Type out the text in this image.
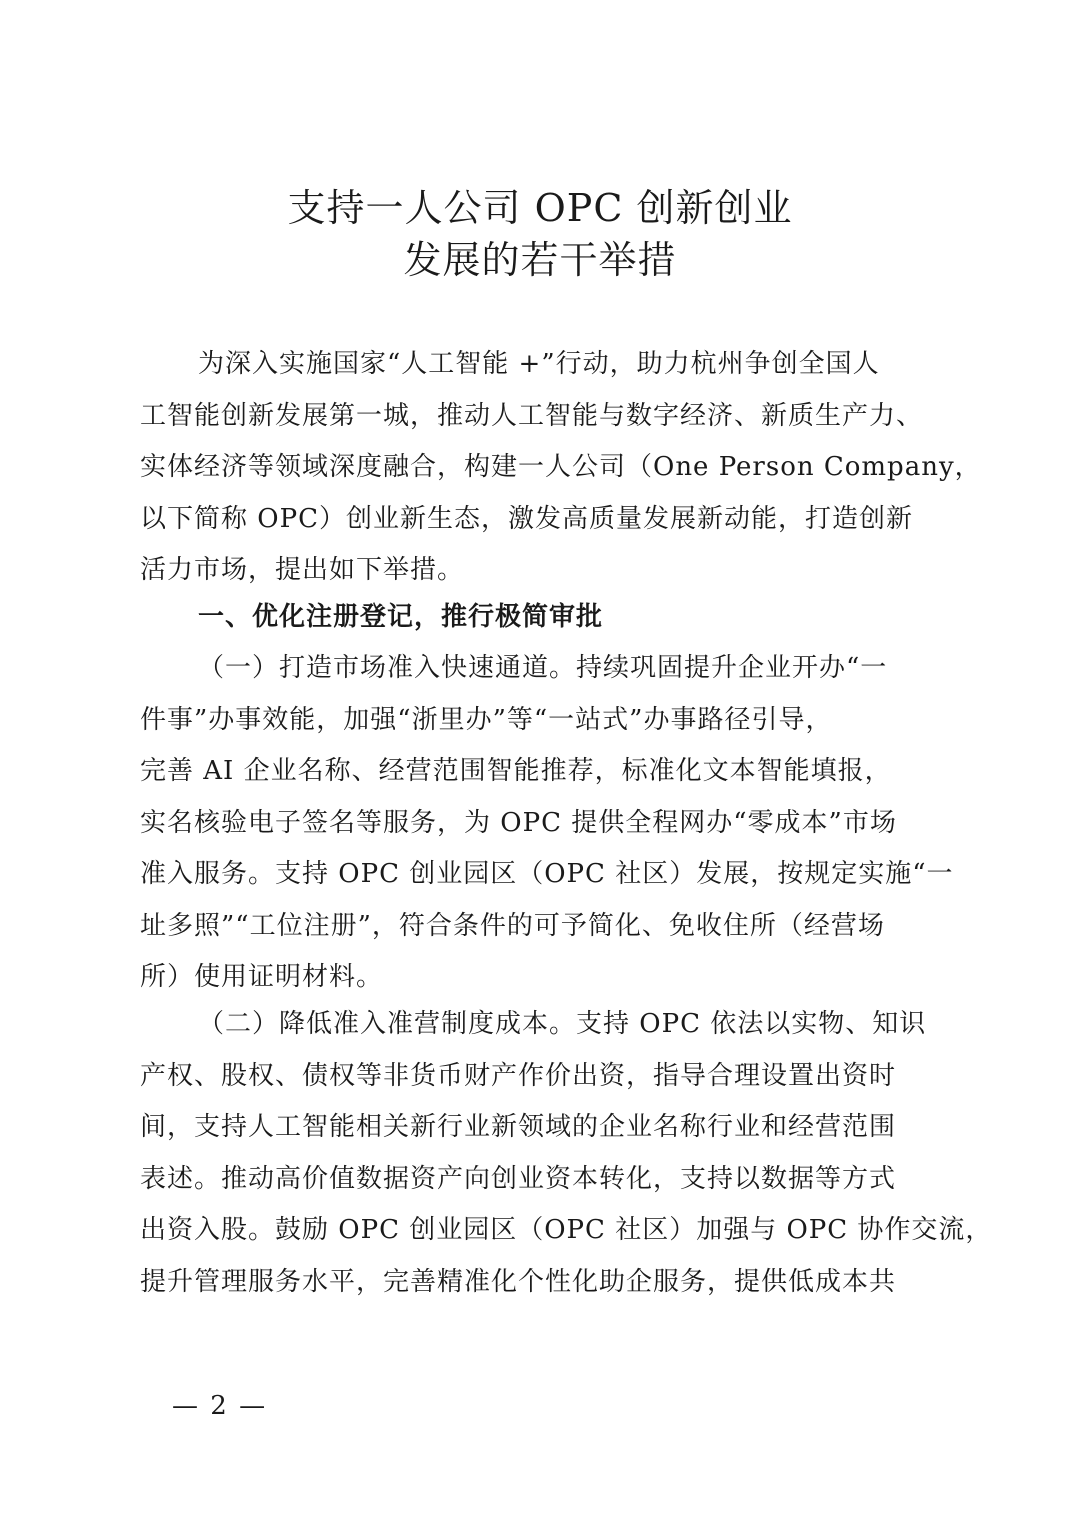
支持一人公司 OPC 创新创业
发展的若干举措
为深入实施国家“人工智能 +”行动，助力杭州争创全国人
工智能创新发展第一城，推动人工智能与数字经济、新质生产力、
实体经济等领域深度融合，构建一人公司（One Person Company，
以下简称 OPC）创业新生态，激发高质量发展新动能，打造创新
活力市场，提出如下举措。
一、优化注册登记，推行极简审批
（一）打造市场准入快速通道。持续巩固提升企业开办“一
件事”办事效能，加强“浙里办”等“一站式”办事路径引导，
完善 AI 企业名称、经营范围智能推荐，标准化文本智能填报，
实名核验电子签名等服务，为 OPC 提供全程网办“零成本”市场
准入服务。支持 OPC 创业园区（OPC 社区）发展，按规定实施“一
址多照”“工位注册”，符合条件的可予简化、免收住所（经营场
所）使用证明材料。
（二）降低准入准营制度成本。支持 OPC 依法以实物、知识
产权、股权、债权等非货币财产作价出资，指导合理设置出资时
间，支持人工智能相关新行业新领域的企业名称行业和经营范围
表述。推动高价值数据资产向创业资本转化，支持以数据等方式
出资入股。鼓励 OPC 创业园区（OPC 社区）加强与 OPC 协作交流，
提升管理服务水平，完善精准化个性化助企服务，提供低成本共
— 2 —
